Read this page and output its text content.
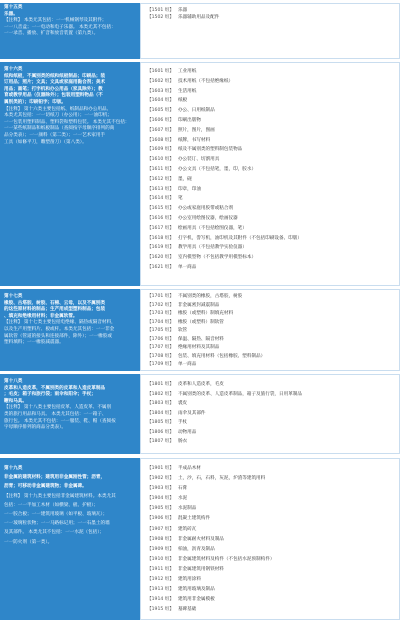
第十五类
乐器。
【注释】 本类尤其包括：一一机械钢琴及其附件；
一一八音盒；一一电动和电子乐器。 本类尤其不包括：
一一录音、播放、扩音和放音装置（第九类）。
【1501 组】 乐器
【1502 组】 乐器辅助用品及配件
第十六类
纸和纸板，不属别类的纸和纸板制品；印刷品；装
订用品；照片；文具；文具或家庭用黏合剂；美术
用品；画笔；打字机和办公用品（家具除外）；教
育或教学用品（仪器除外）；包装用塑料物品（不
属别类的）；印刷铅字；印版。
【注释】 第十六类主要包括纸、纸制品和办公用品。
本类尤其包括：一一切纸刀（办公用）；一一油印机；
一一包装用塑料制品、塑料袋和塑料包装。 本类尤其不包括：
一一某些纸制品和纸板制品（查阅按字母顺序排列的商
品分类表）；一一颜料（第二类）；一一艺术家用手
工具（如修平刀，雕塑凿刀）（第八类）。
【1601 组】 工业用纸
【1602 组】 技术用纸（不包括绝缘纸）
【1603 组】 生活用纸
【1604 组】 纸板
【1605 组】 办公、日用纸制品
【1606 组】 印刷出版物
【1607 组】 照片，图片，图画
【1608 组】 纸牌，书写材料
【1609 组】 纸及不属别类的塑料制包装物品
【1610 组】 办公装订、切割用具
【1611 组】 办公文具（不包括笔，墨，印，胶水）
【1612 组】 墨，砚
【1613 组】 印章，印油
【1614 组】 笔
【1615 组】 办公或家庭用胶带或粘合剂
【1616 组】 办公室用绘图仪器，绘画仪器
【1617 组】 绘画用具（不包括绘图仪器，笔）
【1618 组】 打字机，誊写机，油印机及其附件（不包括印刷设备、印版）
【1619 组】 教学用具（不包括教学实验仪器）
【1620 组】 室内模型物（不包括教学用模型标本）
【1621 组】 单一商品
第十七类
橡胶、古塔胶、树胶、石棉、云母，以及不属别类
的这些原材料的制品；生产用成型塑料制品；包装
、填充和绝缘用材料；非金属软管。
【注释】 第十七类主要包括电绝缘、隔热或隔音材料，
以及生产用塑料片、板或杆。本类尤其包括：一一非金
属软管（管道的接头和连接部件，除外）；一一橡胶或
塑料填料；一一橡胶减震器。
【1701 组】 不属别类的橡胶，古塔胶，树胶
【1702 组】 非金属密封减震制品
【1703 组】 橡胶（或塑料）制填充材料
【1704 组】 橡胶（或塑料）制软管
【1705 组】 软管
【1706 组】 保温、隔热、隔音材料
【1707 组】 绝缘用材料及其制品
【1708 组】 包装、填充用材料（包括橡胶、塑料制品）
【1709 组】 单一商品
第十八类
皮革和人造皮革，不属别类的皮革和人造皮革制品
；毛皮；箱子和旅行袋；雨伞和阳伞；手杖；
鞭和马具。
【注释】 第十八类主要包括皮革、人造皮革、不属别
类的旅行用品和马具。 本类尤其包括：一一箱子、
旅行包。 本类尤其不包括：一一服装、鞋、帽（查阅按
字母顺序排列的商品分类表）。
【1801 组】 皮革和人造皮革，毛皮
【1802 组】 不属别类的皮革、人造皮革制品，箱子及旅行袋，日用革制品
【1803 组】 裘皮
【1804 组】 雨伞及其部件
【1805 组】 手杖
【1806 组】 动物用品
【1807 组】 肠衣
第十九类
非金属的建筑材料；建筑用非金属刚性管；沥青，
沥青；可移动非金属建筑物；非金属碑。
【注释】 第十九类主要包括非金属建筑材料。本类尤其
包括：一一半加工木材（如横梁、板、护板）；
一一胶合板；一一建筑用玻璃（如平板、玻璃瓦）；
一一玻璃粒状物；一一马路标记用；一一石墨土的墙
及其部件。 本类尤其不包括：一一水泥（包括）；
一一防火剂（第一类）。
【1901 组】 半成品木材
【1902 组】 土，沙，石，石料，灰泥，炉渣等建筑用料
【1903 组】 石膏
【1904 组】 水泥
【1905 组】 水泥制品
【1906 组】 混凝土建筑构件
【1907 组】 建筑砖瓦
【1908 组】 非金属耐火材料及制品
【1909 组】 柏油，沥青及制品
【1910 组】 非金属建筑材料及构件（不包括水泥预制构件）
【1911 组】 非金属建筑用钢铁材料
【1912 组】 建筑用涂料
【1913 组】 建筑用玻璃及制品
【1914 组】 建筑用非金属模板
【1915 组】 墓碑基础
